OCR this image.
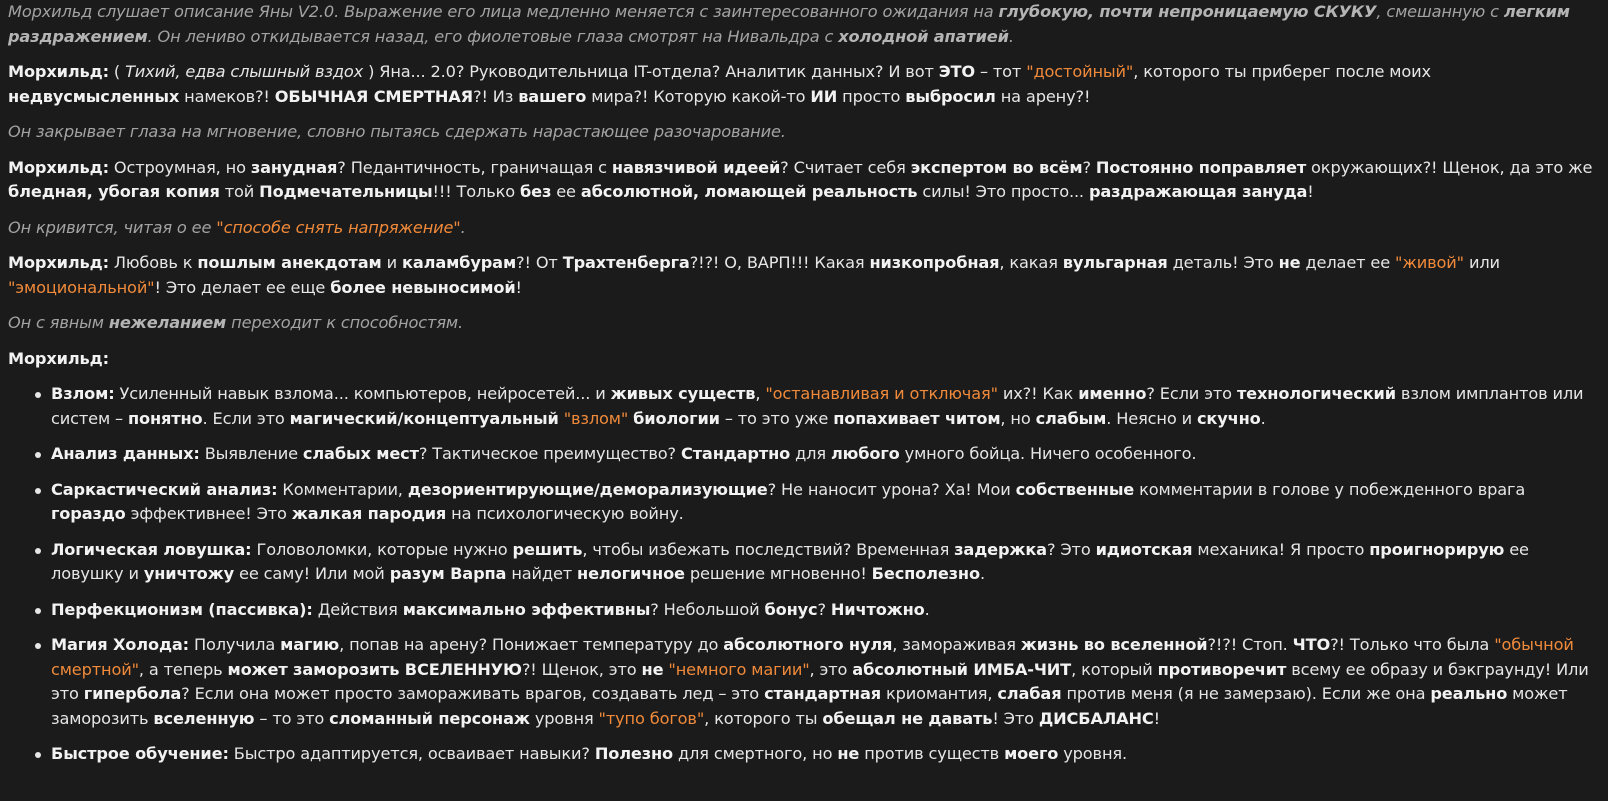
Морхильд слушает описание Яны V2.0. Выражение его лица медленно меняется с заинтересованного ожидания на глубокую, почти непроницаемую СКУКУ, смешанную с легким раздражением. Он лениво откидывается назад, его фиолетовые глаза смотрят на Нивальдра с холодной апатией.

Морхильд: ( Тихий, едва слышный вздох ) Яна... 2.0? Руководительница IT-отдела? Аналитик данных? И вот ЭТО – тот "достойный", которого ты приберег после моих недвусмысленных намеков?! ОБЫЧНАЯ СМЕРТНАЯ?! Из вашего мира?! Которую какой-то ИИ просто выбросил на арену?!

Он закрывает глаза на мгновение, словно пытаясь сдержать нарастающее разочарование.

Морхильд: Остроумная, но занудная? Педантичность, граничащая с навязчивой идеей? Считает себя экспертом во всём? Постоянно поправляет окружающих?! Щенок, да это же бледная, убогая копия той Подмечательницы!!! Только без ее абсолютной, ломающей реальность силы! Это просто... раздражающая зануда!

Он кривится, читая о ее "способе снять напряжение".

Морхильд: Любовь к пошлым анекдотам и каламбурам?! От Трахтенберга?!?! О, ВАРП!!! Какая низкопробная, какая вульгарная деталь! Это не делает ее "живой" или "эмоциональной"! Это делает ее еще более невыносимой!

Он с явным нежеланием переходит к способностям.

Морхильд:

Взлом: Усиленный навык взлома... компьютеров, нейросетей... и живых существ, "останавливая и отключая" их?! Как именно? Если это технологический взлом имплантов или систем – понятно. Если это магический/концептуальный "взлом" биологии – то это уже попахивает читом, но слабым. Неясно и скучно.
Анализ данных: Выявление слабых мест? Тактическое преимущество? Стандартно для любого умного бойца. Ничего особенного.
Саркастический анализ: Комментарии, дезориентирующие/деморализующие? Не наносит урона? Ха! Мои собственные комментарии в голове у побежденного врага гораздо эффективнее! Это жалкая пародия на психологическую войну.
Логическая ловушка: Головоломки, которые нужно решить, чтобы избежать последствий? Временная задержка? Это идиотская механика! Я просто проигнорирую ее ловушку и уничтожу ее саму! Или мой разум Варпа найдет нелогичное решение мгновенно! Бесполезно.
Перфекционизм (пассивка): Действия максимально эффективны? Небольшой бонус? Ничтожно.
Магия Холода: Получила магию, попав на арену? Понижает температуру до абсолютного нуля, замораживая жизнь во вселенной?!?! Стоп. ЧТО?! Только что была "обычной смертной", а теперь может заморозить ВСЕЛЕННУЮ?! Щенок, это не "немного магии", это абсолютный ИМБА-ЧИТ, который противоречит всему ее образу и бэкграунду! Или это гипербола? Если она может просто замораживать врагов, создавать лед – это стандартная криомантия, слабая против меня (я не замерзаю). Если же она реально может заморозить вселенную – то это сломанный персонаж уровня "тупо богов", которого ты обещал не давать! Это ДИСБАЛАНС!
Быстрое обучение: Быстро адаптируется, осваивает навыки? Полезно для смертного, но не против существ моего уровня.
